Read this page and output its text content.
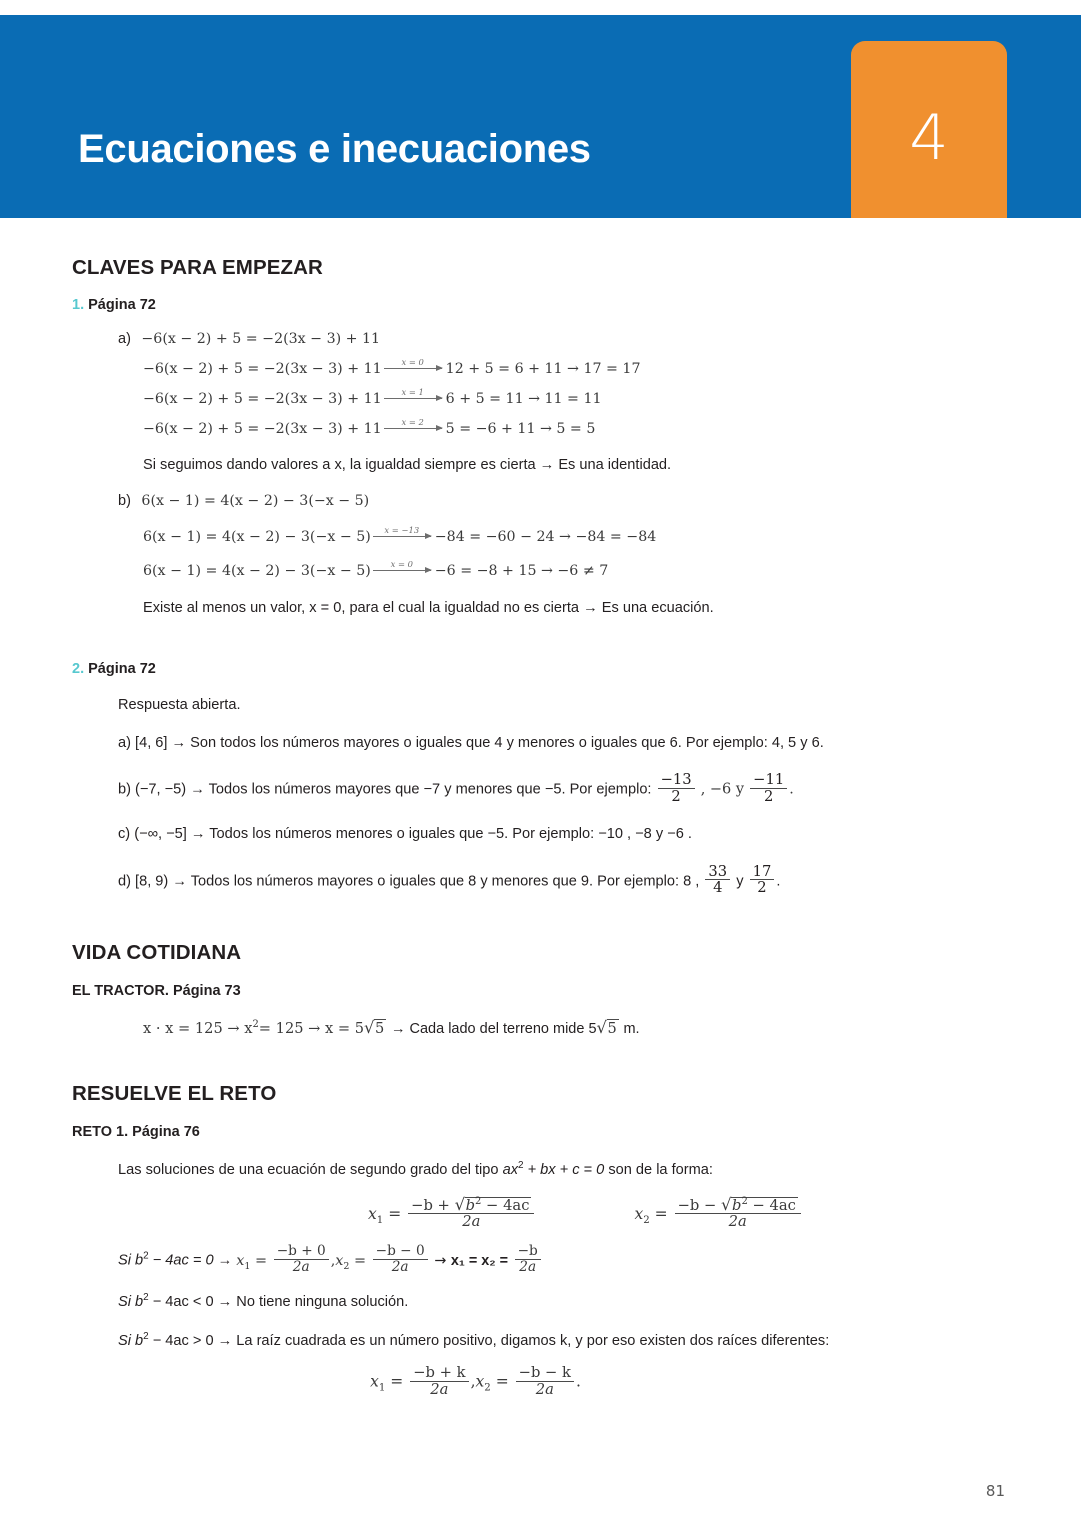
Ecuaciones e inecuaciones	4
CLAVES PARA EMPEZAR
1. Página 72
a) −6(x − 2) + 5 = −2(3x − 3) + 11
−6(x − 2) + 5 = −2(3x − 3) + 11 x = 0 12 + 5 = 6 + 11 → 17 = 17
−6(x − 2) + 5 = −2(3x − 3) + 11 x = 1 6 + 5 = 11 → 11 = 11
−6(x − 2) + 5 = −2(3x − 3) + 11 x = 2 5 = −6 + 11 → 5 = 5
Si seguimos dando valores a x, la igualdad siempre es cierta → Es una identidad.
b) 6(x − 1) = 4(x − 2) − 3(−x − 5)
6(x − 1) = 4(x − 2) − 3(−x − 5) x = −13 −84 = −60 − 24 → −84 = −84
6(x − 1) = 4(x − 2) − 3(−x − 5) x = 0 −6 = −8 + 15 → −6 ≠ 7
Existe al menos un valor, x = 0, para el cual la igualdad no es cierta → Es una ecuación.
2. Página 72
Respuesta abierta.
a) [4, 6] → Son todos los números mayores o iguales que 4 y menores o iguales que 6. Por ejemplo: 4, 5 y 6.
b) (−7, −5) → Todos los números mayores que −7 y menores que −5. Por ejemplo: $\frac{-13}{2}$ , −6 y $\frac{-11}{2}$ .
c) (−∞, −5] → Todos los números menores o iguales que −5. Por ejemplo: −10 , −8 y −6 .
d) [8, 9) → Todos los números mayores o iguales que 8 y menores que 9. Por ejemplo: 8 , $\frac{33}{4}$ y $\frac{17}{2}$ .
VIDA COTIDIANA
EL TRACTOR. Página 73
$x \cdot x = 125 \to x^2= 125 \to x = 5$ √ 5 → Cada lado del terreno mide 5 √ 5 m.
RESUELVE EL RETO
RETO 1. Página 76
Las soluciones de una ecuación de segundo grado del tipo $ax^2$ + bx + c = 0 son de la forma:
$x_1 = \frac{-b + √ b^2 - 4ac}{2a}$	$x_2 = \frac{-b - √ b^2 - 4ac}{2a}$
Si $b^2 - 4ac = 0 \to x_1 = \frac{-b + 0}{2a} ,x_2 = \frac{-b - 0}{2a} \to x_1 = x_2 = \frac{-b}{2a}$
Si $b^2 - 4ac < 0 \to No$ tiene ninguna solución.
Si $b^2 - 4ac > 0 \to La$ raíz cuadrada es un número positivo, digamos k, y por eso existen dos raíces diferentes:
$x_1 = \frac{-b + k}{2a} ,x_2 = \frac{-b - k}{2a}$ .
81
